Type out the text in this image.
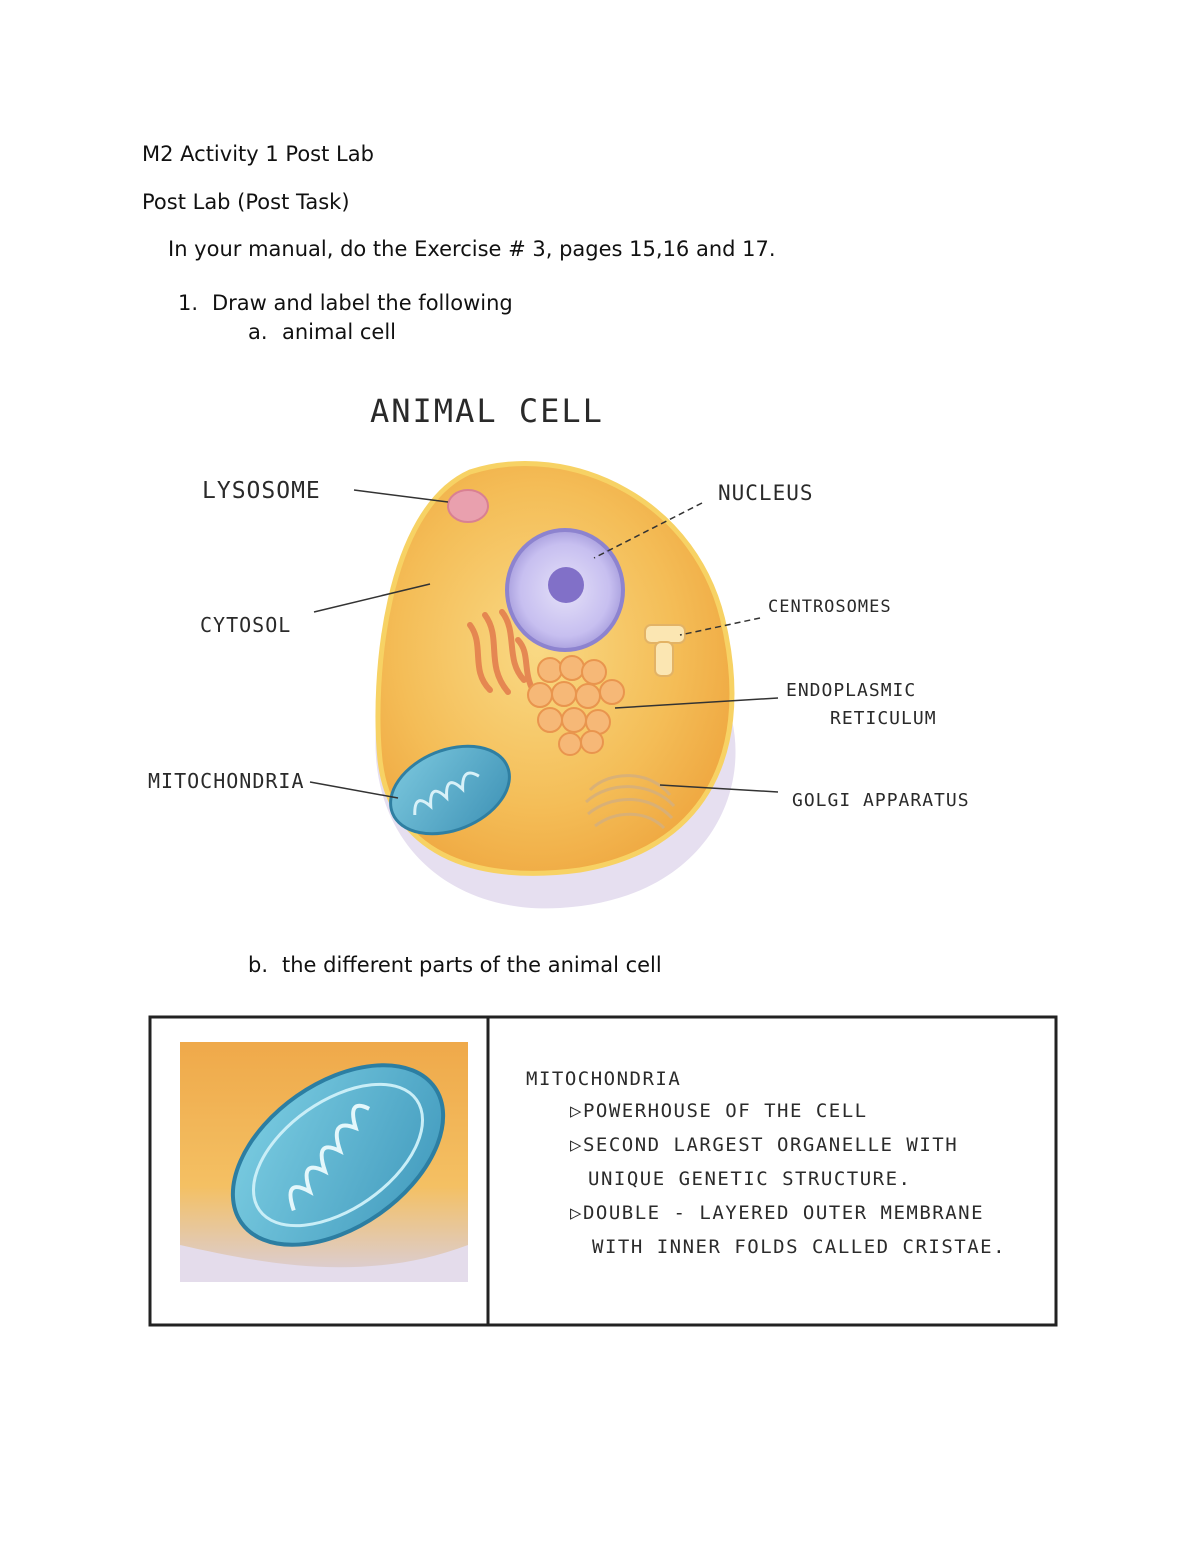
M2 Activity 1 Post Lab
Post Lab (Post Task)
In your manual, do the Exercise # 3, pages 15,16 and 17.
1. Draw and label the following
a. animal cell
ANIMAL CELL
LYSOSOME
CYTOSOL
MITOCHONDRIA
NUCLEUS
CENTROSOMES
ENDOPLASMIC
RETICULUM
GOLGI APPARATUS
b. the different parts of the animal cell
MITOCHONDRIA
▷POWERHOUSE OF THE CELL
▷SECOND LARGEST ORGANELLE WITH
UNIQUE GENETIC STRUCTURE.
▷DOUBLE - LAYERED OUTER MEMBRANE
WITH INNER FOLDS CALLED CRISTAE.
